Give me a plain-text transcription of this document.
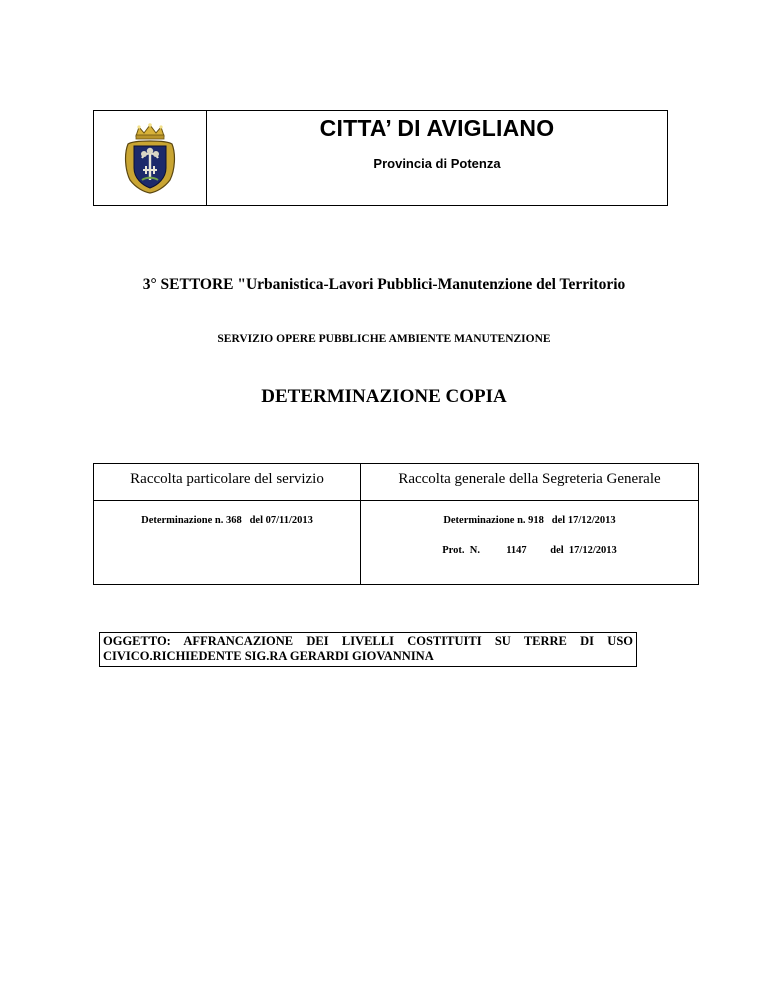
CITTA’ DI AVIGLIANO
Provincia di Potenza
3° SETTORE "Urbanistica-Lavori Pubblici-Manutenzione del Territorio
SERVIZIO OPERE PUBBLICHE AMBIENTE MANUTENZIONE
DETERMINAZIONE COPIA
Raccolta particolare del servizio
Determinazione n. 368   del 07/11/2013
Raccolta generale della Segreteria Generale
Determinazione n. 918   del 17/12/2013
Prot.  N.          1147         del  17/12/2013
OGGETTO: AFFRANCAZIONE DEI LIVELLI COSTITUITI SU TERRE DI USO CIVICO.RICHIEDENTE SIG.RA GERARDI GIOVANNINA
